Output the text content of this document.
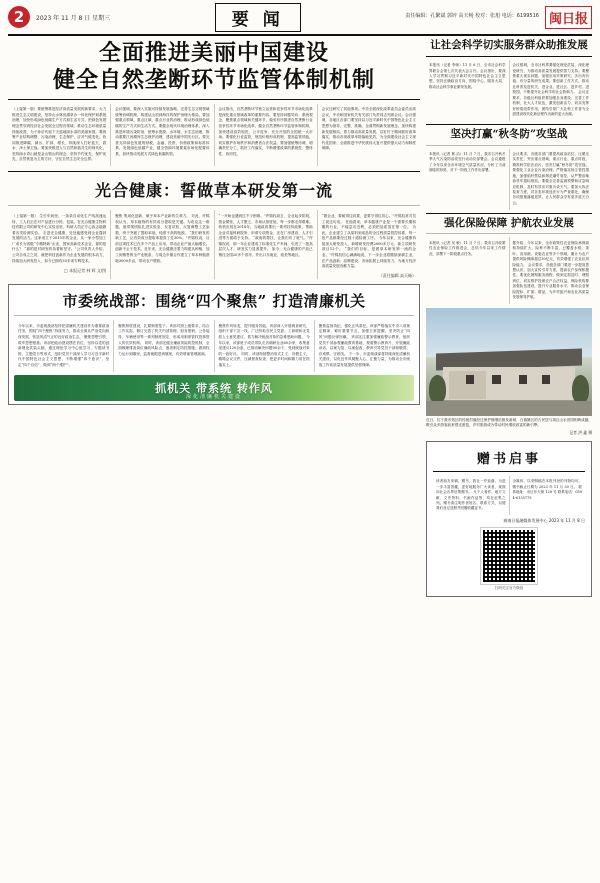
2	2023 年 11 月 8 日 星期三	要 闻	责任编辑：孔繁斌 郭锌 高天畅 校对：张旭 电话：6199516 闽日报
全面推进美丽中国建设
健全自然垄断环节监管体制机制

（上接第一版）要统筹推进经济高质量发展的新要求，大力推进生态文明建设，坚持山水林田湖草沙一体化保护和系统治理，加快形成绿色低碳生产方式和生活方式，把绿色发展理念贯穿到经济社会发展全过程各领域，推动生态环境质量持续改善，为子孙后代留下天蓝地绿水清的美丽家园。要统筹产业结构调整、污染治理、生态保护、应对气候变化，协同推进降碳、减污、扩绿、增长，持续深入打好蓝天、碧水、净土保卫战。要加快推进人与自然和谐共生的现代化，坚持绿水青山就是金山银山的理念，坚持节约优先、保护优先、自然恢复为主的方针，守住自然生态安全边界。

会议强调，要深入实施可持续发展战略，完善生态文明领域统筹协调机制，构建从山顶到海洋的保护治理大格局。要加强重点领域、重点区域、重点行业的治理，推动形成绿色低碳的生产方式和生活方式。要健全现代环境治理体系，深入推进环境污染防治，统筹水资源、水环境、水生态治理，推动重要江河湖库生态保护治理，建设美丽中国先行区。要完善支持绿色发展的财税、金融、投资、价格政策和标准体系，发展绿色低碳产业，健全资源环境要素市场化配置体系，加快推动发展方式绿色低碳转型。

会议指出，自然垄断环节独立运营和竞争性环节市场化改革是深化重点领域改革的重要内容。要坚持问题导向、系统观念，聚焦重点领域和关键环节，稳妥有序推进自然垄断行业竞争性环节市场化改革，健全自然垄断环节监管体制机制，加快建设高效规范、公平竞争、充分开放的全国统一大市场。要强化行业监管，规范价格形成机制，提高监管效能，切实维护市场秩序和消费者合法权益。要加强统筹协调，明确责任分工，抓好工作落实，不断增强改革的系统性、整体性、协同性。

会议还研究了其他事项。中央全面深化改革委员会委员出席会议，中央和国家机关有关部门负责同志列席会议。会议强调，各地区各部门要坚持以习近平新时代中国特色社会主义思想为指导，完整、准确、全面贯彻新发展理念，加快构建新发展格局，着力推动高质量发展，以钉钉子精神抓好改革落实，推动各项改革举措落地见效，为全面建设社会主义现代化国家、全面推进中华民族伟大复兴提供强大动力和制度保障。

光合健康：誓做草本研发第一流

（上接第一版） 生长车间里，一条条自动化生产线高速运转，工人们正在对产品进行分拣、包装。在光合健康生物科技有限公司的研发中心实验室里，科研人员正专心致志地做着各类检测实验。 走进光合健康，处处能感受到企业蓬勃发展的活力。这家成立于2015年的企业，从一家小型加工厂成长为省级“专精特新”企业、国家高新技术企业，靠的是什么？ “靠的是对研发的执着和坚守。”公司负责人介绍，公司自成立之初，就把科技创新作为企业发展的根本动力，持续加大研发投入，如今已拥有30多项专利技术。

□ 本报记者 林 辉 文/图

聚焦 集成化创新，赋予草本产业新的生命力。 对此，许锦权认为，草本植物的有效成分提取是关键。为攻克这一难题，他带领团队扎进实验室，反复试验、反复调整工艺参数，终于突破了提取率低、纯度不高的瓶颈。 “我们研发的新工艺，让有效成分提取率提高了近30%。”许锦权说，目前这项技术已在多个产品上应用，带动企业产值大幅增长。 创新不止于技术。近年来，光合健康还着力构建从种植、加工到销售的全产业链条，与周边乡镇合作建立了草本种植基地3000多亩，带动农户增收。

“一开始也遇到过不少困难。”许锦权坦言，企业起步阶段，资金紧张、人才匮乏、市场认知度低，每一步都走得艰难。 转机出现在2018年。当地政府推出一系列扶持政策，帮助企业对接科研院所、申请专项资金，还在厂房建设、人才引进等方面给予支持。 “政府的帮扶，让我们有了底气。”许锦权说，那一年企业建成了标准化生产车间，引进了一批高层次人才，研发实力显著提升。 如今，光合健康的产品已销往全国20多个省市，并出口东南亚、欧美等地区。

“做企业，要耐得住寂寞，更要守得住初心。”许锦权常对员工说这句话。 在他看来，草本健康产业是一个需要长期积累的行业，不能急功近利，必须把品质放在第一位。 为此，企业建立了从原料到成品的全过程质量管控体系，每一批产品都要经过数十道检测工序。 今年以来，光合健康持续加大研发投入，新增研发经费2000多万元，新立项研发项目12个。 “我们的目标，是做草本研发第一流的企业。”许锦权信心满满地说，下一步企业将继续深耕主业，在产品创新、品牌建设、市场拓展上持续发力，为地方经济高质量发展贡献力量。

（责任编辑 高天畅）
市委统战部：围绕“四个聚焦” 打造清廉机关

今年以来，市委统战部坚持把清廉机关建设作为重要政治任务，围绕“四个聚焦”持续发力，推动全面从严治党向纵深发展，营造风清气正的良好政治生态。 聚焦思想引领，筑牢思想根基。该部把政治建设摆在首位，坚持以党的创新理论武装头脑，通过理论学习中心组学习、专题读书班、主题党日等形式，组织党员干部深入学习习近平新时代中国特色社会主义思想，不断增强“四个意识”、坚定“四个自信”、做到“两个维护”。

聚焦制度建设，扎紧制度笼子。该部对照上级要求，结合工作实际，修订完善了机关内部管理、财务报销、公务接待、车辆使用等一系列制度规定，形成用制度管权管事管人的长效机制。 同时，该部还健全廉政风险防控机制，全面梳理排查岗位廉政风险点，逐项制定防控措施，做到权力运行到哪里，监督就跟进到哪里，有效堵塞管理漏洞。

聚焦作风转变，提升服务效能。该部深入开展调查研究，组织干部下沉一线，广泛听取各民主党派、工商联和无党派人士意见建议，着力解决统战对象的急难愁盼问题。 今年以来，该部班子成员带队走访调研企业60余家，收集意见建议120余条，已推动解决问题90余个，受到统战对象的一致好评。 同时，该部持续整治形式主义、官僚主义，精简会议文件，压减督查检查，把更多时间和精力用在抓落实上。

聚焦监督执纪，强化正风肃纪。该部严格落实中央八项规定精神，紧盯重要节点，加强日常提醒，坚决防止“四风”问题反弹回潮。 该部还注重加强廉政警示教育，组织党员干部参观廉政教育基地、观看警示教育片、开展廉政谈话，以案为鉴、以案促改，教育引导党员干部知敬畏、存戒惧、守底线。 下一步，市委统战部将持续深化清廉机关建设，以优良作风凝聚人心、汇聚力量，为推动全市统战工作高质量发展提供坚强保障。

抓机关 带系统 转作风
深化清廉机关建设
让社会科学切实服务群众助推发展

本报讯（记者 李师）11 月 6 日，全市社会科学界联合会第七次代表大会召开。会议指出，要深入学习贯彻习近平新时代中国特色社会主义思想，坚持正确政治方向，围绕中心、服务大局，推动社会科学事业繁荣发展。

会议强调，全市社科界要强化理论武装，深化理论研究，为推动高质量发展提供智力支持。要聚焦重大现实问题，加强应用对策研究，多出有价值、有分量的研究成果。要创新工作方式，推动社科普及进机关、进企业、进社区、进乡村、进校园，不断提升社会科学的社会影响力。 会议还要求，各级社科组织要加强自身建设，完善工作机制，壮大人才队伍，激发创新活力，切实发挥好桥梁纽带作用，团结引领广大社科工作者为全面建设现代化新征程作出新的更大贡献。

坚决打赢“秋冬防”攻坚战

本报讯（记者 林 洁）11 月 7 日，我市召开秋冬季大气污染防治攻坚行动动员部署会。会议通报了今年以来全市环境空气质量状况，分析了当前面临的形势，对下一阶段工作作出部署。

会议要求，各级各部门要提高政治站位，压紧压实责任，突出重点领域、重点行业、重点时段，精准科学依法治污，坚决打赢“秋冬防”攻坚战。要强化工业企业污染治理，严格落实扬尘管控措施，加强秸秆禁烧和烟花爆竹管控，从严整治柴油货车超标排放。要健全完善监测预警和应急响应机制，及时有效应对重污染天气。要加大执法检查力度，对各类环境违法行为严查重处，确保各项措施落地见效，让人民群众享有更多蓝天白云。

强化保险保障 护航农业发展

本报讯（记者 吴 敏）11 月 7 日，我市召开政策性农业保险工作推进会，总结今年以来工作情况，部署下一阶段重点任务。

据介绍，今年以来，全市政策性农业保险承保面积持续扩大，险种不断丰富，已覆盖水稻、茶叶、食用菌、设施农业等多个领域，累计为农户提供风险保障超过30亿元，有效增强了农业抗风险能力。 会议要求，各级各部门要进一步提高思想认识，加大宣传引导力度，提高农户参保积极性。要优化理赔服务流程，做到定损及时、理赔到位，切实维护投保农户合法权益。保险机构要加强队伍建设，提升专业服务水平，推动农业保险提标、扩面、增品，为乡村振兴和农业高质量发展保驾护航。

近日，位于我市郊区的传统村落经过保护修缮后焕发新颜，白墙黛瓦的古民居与周边山水田园相映成趣，吸引众多游客前来观光游览，乡村旅游成为带动村民增收致富的新引擎。
记者 洪 鑫 摄
赠书启事

读者朋友来稿、赠书，我社一并致谢。为进一步丰富馆藏，更好地服务广大读者，现面向社会各界征集赠书。 凡个人著作、地方文献、文史资料、书画作品等，均在征集之列。赠书请注明作者姓名、联系方式，以便我们登记造册并回赠收藏证书。

全媒体、以采购稿在本报刊登的刊物均可。 赠书截止日期为 2023 年 11 月 30 日。 联系地址：市区东大街 128 号 联系电话：0594-6135779

闽南日报融媒体发展中心 2023 年 11 月 8 日
扫码关注官方微信
